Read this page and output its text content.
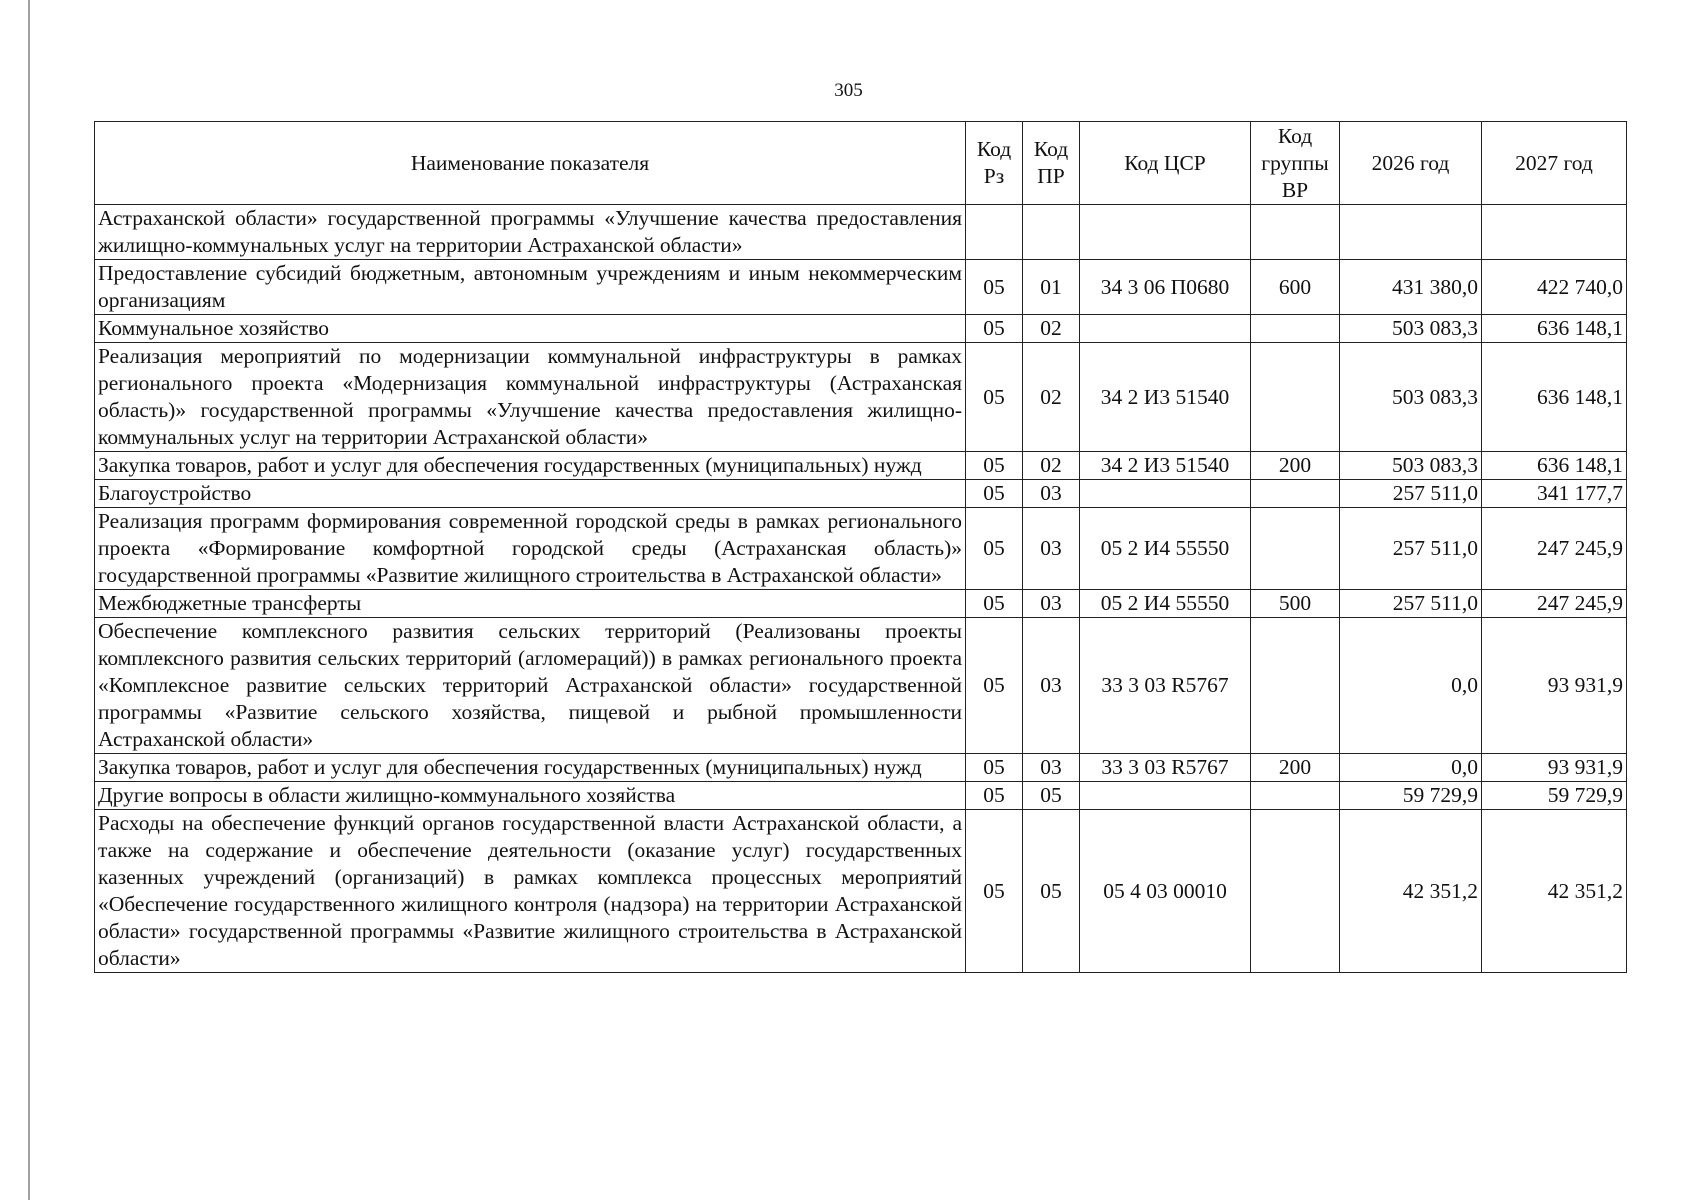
305
Наименование показателя	Код Рз	Код ПР	Код ЦСР	Код группы ВР	2026 год	2027 год
Астраханской области» государственной программы «Улучшение качества предоставления жилищно-коммунальных услуг на территории Астраханской области»						
Предоставление субсидий бюджетным, автономным учреждениям и иным некоммерческим организациям	05	01	34 3 06 П0680	600	431 380,0	422 740,0
Коммунальное хозяйство	05	02			503 083,3	636 148,1
Реализация мероприятий по модернизации коммунальной инфраструктуры в рамках регионального проекта «Модернизация коммунальной инфраструктуры (Астраханская область)» государственной программы «Улучшение качества предоставления жилищно-коммунальных услуг на территории Астраханской области»	05	02	34 2 И3 51540		503 083,3	636 148,1
Закупка товаров, работ и услуг для обеспечения государственных (муниципальных) нужд	05	02	34 2 И3 51540	200	503 083,3	636 148,1
Благоустройство	05	03			257 511,0	341 177,7
Реализация программ формирования современной городской среды в рамках регионального проекта «Формирование комфортной городской среды (Астраханская область)» государственной программы «Развитие жилищного строительства в Астраханской области»	05	03	05 2 И4 55550		257 511,0	247 245,9
Межбюджетные трансферты	05	03	05 2 И4 55550	500	257 511,0	247 245,9
Обеспечение комплексного развития сельских территорий (Реализованы проекты комплексного развития сельских территорий (агломераций)) в рамках регионального проекта «Комплексное развитие сельских территорий Астраханской области» государственной программы «Развитие сельского хозяйства, пищевой и рыбной промышленности Астраханской области»	05	03	33 3 03 R5767		0,0	93 931,9
Закупка товаров, работ и услуг для обеспечения государственных (муниципальных) нужд	05	03	33 3 03 R5767	200	0,0	93 931,9
Другие вопросы в области жилищно-коммунального хозяйства	05	05			59 729,9	59 729,9
Расходы на обеспечение функций органов государственной власти Астраханской области, а также на содержание и обеспечение деятельности (оказание услуг) государственных казенных учреждений (организаций) в рамках комплекса процессных мероприятий «Обеспечение государственного жилищного контроля (надзора) на территории Астраханской области» государственной программы «Развитие жилищного строительства в Астраханской области»	05	05	05 4 03 00010		42 351,2	42 351,2
